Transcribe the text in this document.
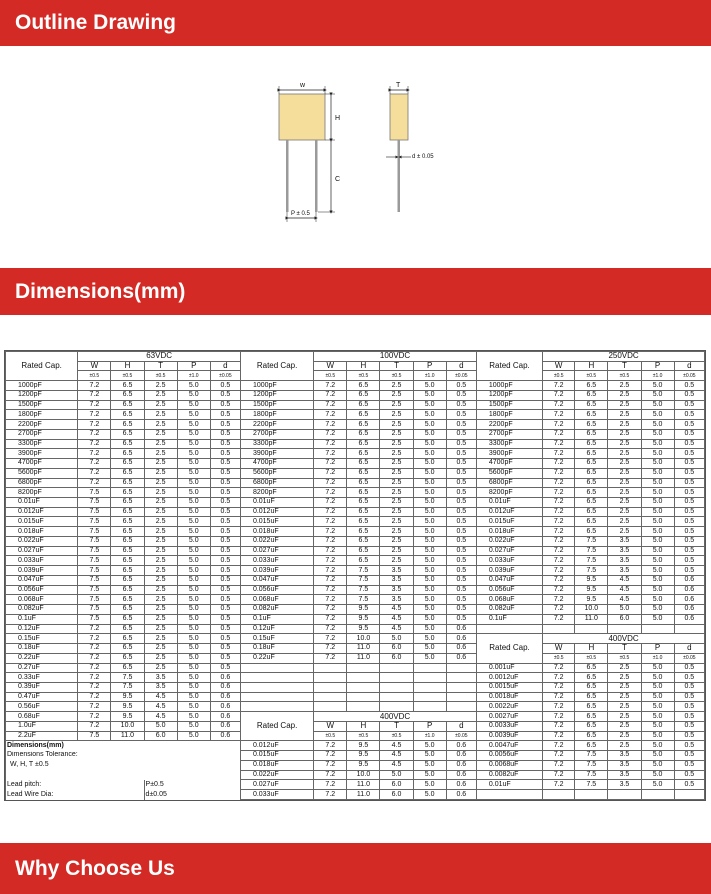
Outline Drawing
w
H
C
P ± 0.5
T
d ± 0.05
Dimensions(mm)
Rated Cap.	63VDC					Rated Cap.	100VDC					Rated Cap.	250VDC				
	W	H	T	P	d		W	H	T	P	d		W	H	T	P	d
	±0.5	±0.5	±0.5	±1.0	±0.05		±0.5	±0.5	±0.5	±1.0	±0.05		±0.5	±0.5	±0.5	±1.0	±0.05
1000pF	7.2	6.5	2.5	5.0	0.5	1000pF	7.2	6.5	2.5	5.0	0.5	1000pF	7.2	6.5	2.5	5.0	0.5
1200pF	7.2	6.5	2.5	5.0	0.5	1200pF	7.2	6.5	2.5	5.0	0.5	1200pF	7.2	6.5	2.5	5.0	0.5
1500pF	7.2	6.5	2.5	5.0	0.5	1500pF	7.2	6.5	2.5	5.0	0.5	1500pF	7.2	6.5	2.5	5.0	0.5
1800pF	7.2	6.5	2.5	5.0	0.5	1800pF	7.2	6.5	2.5	5.0	0.5	1800pF	7.2	6.5	2.5	5.0	0.5
2200pF	7.2	6.5	2.5	5.0	0.5	2200pF	7.2	6.5	2.5	5.0	0.5	2200pF	7.2	6.5	2.5	5.0	0.5
2700pF	7.2	6.5	2.5	5.0	0.5	2700pF	7.2	6.5	2.5	5.0	0.5	2700pF	7.2	6.5	2.5	5.0	0.5
3300pF	7.2	6.5	2.5	5.0	0.5	3300pF	7.2	6.5	2.5	5.0	0.5	3300pF	7.2	6.5	2.5	5.0	0.5
3900pF	7.2	6.5	2.5	5.0	0.5	3900pF	7.2	6.5	2.5	5.0	0.5	3900pF	7.2	6.5	2.5	5.0	0.5
4700pF	7.2	6.5	2.5	5.0	0.5	4700pF	7.2	6.5	2.5	5.0	0.5	4700pF	7.2	6.5	2.5	5.0	0.5
5600pF	7.2	6.5	2.5	5.0	0.5	5600pF	7.2	6.5	2.5	5.0	0.5	5600pF	7.2	6.5	2.5	5.0	0.5
6800pF	7.2	6.5	2.5	5.0	0.5	6800pF	7.2	6.5	2.5	5.0	0.5	6800pF	7.2	6.5	2.5	5.0	0.5
8200pF	7.5	6.5	2.5	5.0	0.5	8200pF	7.2	6.5	2.5	5.0	0.5	8200pF	7.2	6.5	2.5	5.0	0.5
0.01uF	7.5	6.5	2.5	5.0	0.5	0.01uF	7.2	6.5	2.5	5.0	0.5	0.01uF	7.2	6.5	2.5	5.0	0.5
0.012uF	7.5	6.5	2.5	5.0	0.5	0.012uF	7.2	6.5	2.5	5.0	0.5	0.012uF	7.2	6.5	2.5	5.0	0.5
0.015uF	7.5	6.5	2.5	5.0	0.5	0.015uF	7.2	6.5	2.5	5.0	0.5	0.015uF	7.2	6.5	2.5	5.0	0.5
0.018uF	7.5	6.5	2.5	5.0	0.5	0.018uF	7.2	6.5	2.5	5.0	0.5	0.018uF	7.2	6.5	2.5	5.0	0.5
0.022uF	7.5	6.5	2.5	5.0	0.5	0.022uF	7.2	6.5	2.5	5.0	0.5	0.022uF	7.2	7.5	3.5	5.0	0.5
0.027uF	7.5	6.5	2.5	5.0	0.5	0.027uF	7.2	6.5	2.5	5.0	0.5	0.027uF	7.2	7.5	3.5	5.0	0.5
0.033uF	7.5	6.5	2.5	5.0	0.5	0.033uF	7.2	6.5	2.5	5.0	0.5	0.033uF	7.2	7.5	3.5	5.0	0.5
0.039uF	7.5	6.5	2.5	5.0	0.5	0.039uF	7.2	7.5	3.5	5.0	0.5	0.039uF	7.2	7.5	3.5	5.0	0.5
0.047uF	7.5	6.5	2.5	5.0	0.5	0.047uF	7.2	7.5	3.5	5.0	0.5	0.047uF	7.2	9.5	4.5	5.0	0.6
0.056uF	7.5	6.5	2.5	5.0	0.5	0.056uF	7.2	7.5	3.5	5.0	0.5	0.056uF	7.2	9.5	4.5	5.0	0.6
0.068uF	7.5	6.5	2.5	5.0	0.5	0.068uF	7.2	7.5	3.5	5.0	0.5	0.068uF	7.2	9.5	4.5	5.0	0.6
0.082uF	7.5	6.5	2.5	5.0	0.5	0.082uF	7.2	9.5	4.5	5.0	0.5	0.082uF	7.2	10.0	5.0	5.0	0.6
0.1uF	7.5	6.5	2.5	5.0	0.5	0.1uF	7.2	9.5	4.5	5.0	0.5	0.1uF	7.2	11.0	6.0	5.0	0.6
0.12uF	7.2	6.5	2.5	5.0	0.5	0.12uF	7.2	9.5	4.5	5.0	0.6						
0.15uF	7.2	6.5	2.5	5.0	0.5	0.15uF	7.2	10.0	5.0	5.0	0.6	Rated Cap.	400VDC				
0.18uF	7.2	6.5	2.5	5.0	0.5	0.18uF	7.2	11.0	6.0	5.0	0.6		W	H	T	P	d
0.22uF	7.2	6.5	2.5	5.0	0.5	0.22uF	7.2	11.0	6.0	5.0	0.6		±0.5	±0.5	±0.5	±1.0	±0.05
0.27uF	7.2	6.5	2.5	5.0	0.5							0.001uF	7.2	6.5	2.5	5.0	0.5
0.33uF	7.2	7.5	3.5	5.0	0.6							0.0012uF	7.2	6.5	2.5	5.0	0.5
0.39uF	7.2	7.5	3.5	5.0	0.6							0.0015uF	7.2	6.5	2.5	5.0	0.5
0.47uF	7.2	9.5	4.5	5.0	0.6							0.0018uF	7.2	6.5	2.5	5.0	0.5
0.56uF	7.2	9.5	4.5	5.0	0.6							0.0022uF	7.2	6.5	2.5	5.0	0.5
0.68uF	7.2	9.5	4.5	5.0	0.6	Rated Cap.	400VDC					0.0027uF	7.2	6.5	2.5	5.0	0.5
1.0uF	7.2	10.0	5.0	5.0	0.6		W	H	T	P	d	0.0033uF	7.2	6.5	2.5	5.0	0.5
2.2uF	7.5	11.0	6.0	5.0	0.6		±0.5	±0.5	±0.5	±1.0	±0.05	0.0039uF	7.2	6.5	2.5	5.0	0.5
Dimensions(mm)						0.012uF	7.2	9.5	4.5	5.0	0.6	0.0047uF	7.2	6.5	2.5	5.0	0.5
Dimensions Tolerance:						0.015uF	7.2	9.5	4.5	5.0	0.6	0.0056uF	7.2	7.5	3.5	5.0	0.5
W, H, T ±0.5						0.018uF	7.2	9.5	4.5	5.0	0.6	0.0068uF	7.2	7.5	3.5	5.0	0.5
						0.022uF	7.2	10.0	5.0	5.0	0.6	0.0082uF	7.2	7.5	3.5	5.0	0.5
Lead pitch:			P±0.5			0.027uF	7.2	11.0	6.0	5.0	0.6	0.01uF	7.2	7.5	3.5	5.0	0.5
Lead Wire Dia:			d±0.05			0.033uF	7.2	11.0	6.0	5.0	0.6						
Why Choose Us
